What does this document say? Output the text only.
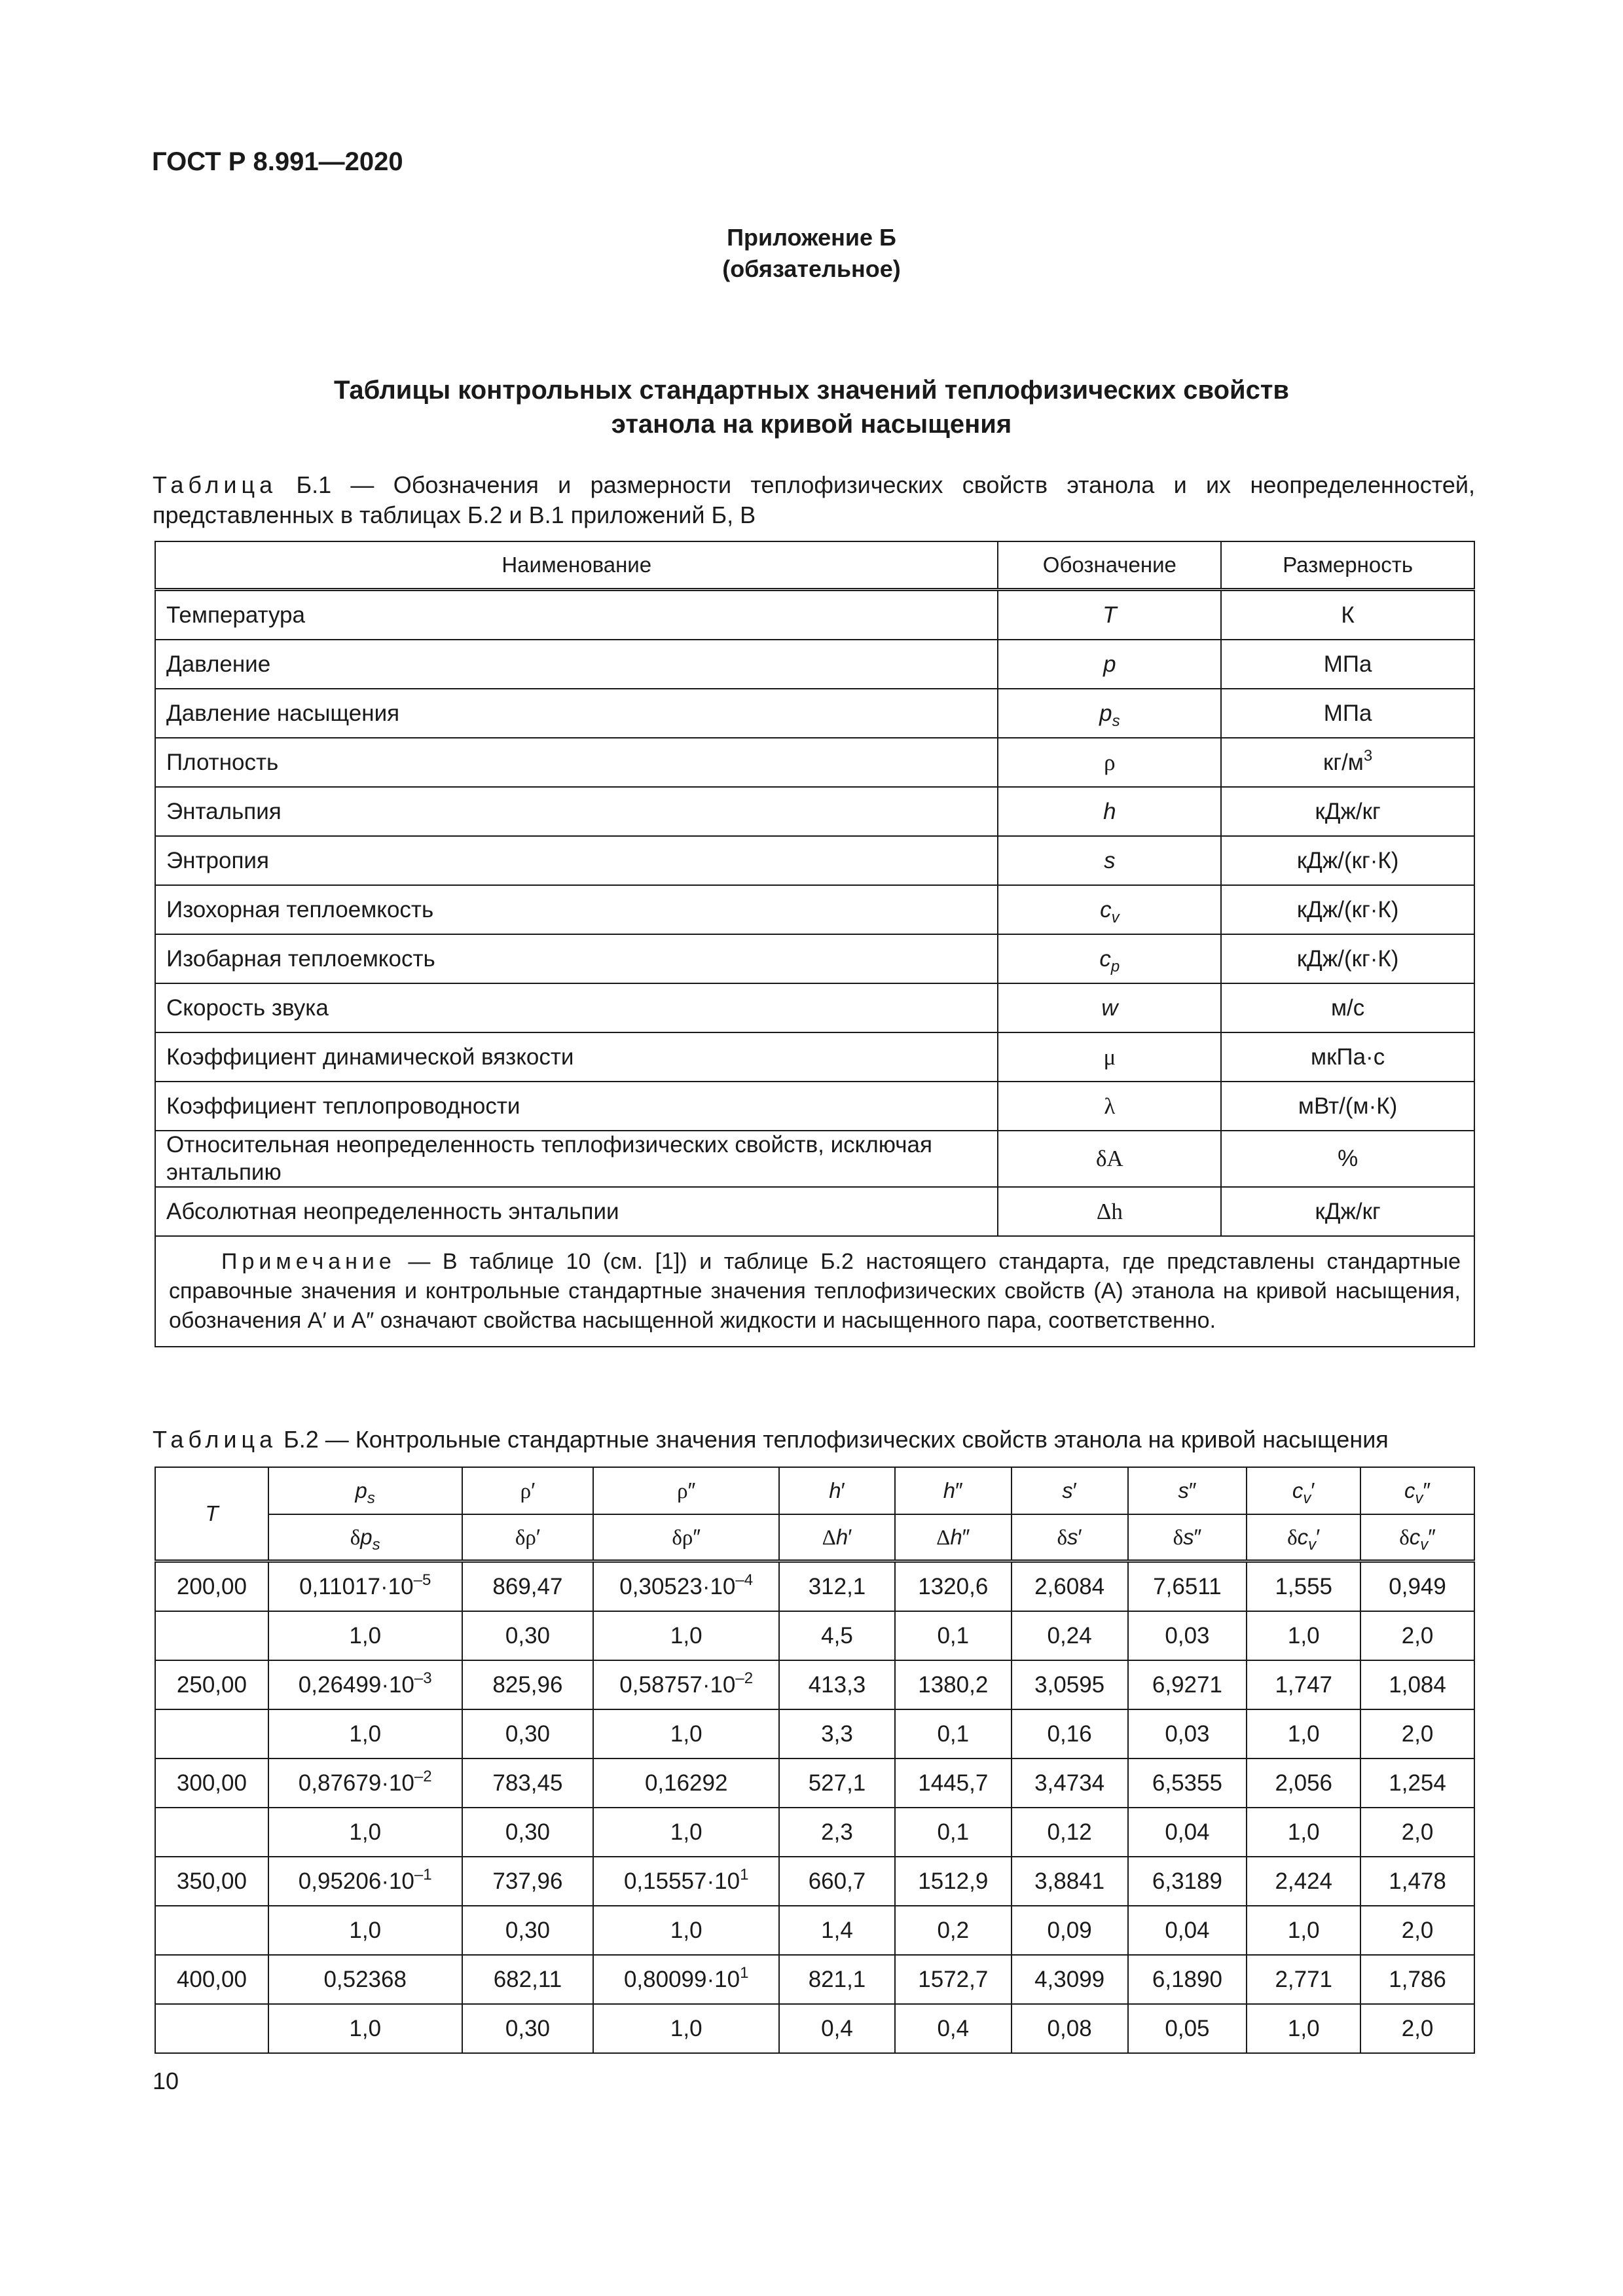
ГОСТ Р 8.991—2020
Приложение Б
(обязательное)
Таблицы контрольных стандартных значений теплофизических свойств
этанола на кривой насыщения
Таблица Б.1 — Обозначения и размерности теплофизических свойств этанола и их неопределенностей, представленных в таблицах Б.2 и В.1 приложений Б, В
Наименование	Обозначение	Размерность
Температура	T	К
Давление	p	МПа
Давление насыщения	$p_s$	МПа
Плотность	ρ	$кг/м^3$
Энтальпия	h	кДж/кг
Энтропия	s	кДж/(кг·К)
Изохорная теплоемкость	$c_v$	кДж/(кг·К)
Изобарная теплоемкость	$c_p$	кДж/(кг·К)
Скорость звука	w	м/с
Коэффициент динамической вязкости	μ	мкПа·с
Коэффициент теплопроводности	λ	мВт/(м·К)
Относительная неопределенность теплофизических свойств, исключая энтальпию	δA	%
Абсолютная неопределенность энтальпии	Δh	кДж/кг
Примечание — В таблице 10 (см. [1]) и таблице Б.2 настоящего стандарта, где представлены стандартные справочные значения и контрольные стандартные значения теплофизических свойств (A) этанола на кривой насыщения, обозначения A′ и A″ означают свойства насыщенной жидкости и насыщенного пара, соответственно.		
Таблица Б.2 — Контрольные стандартные значения теплофизических свойств этанола на кривой насыщения
T	$p_s$	ρ′	ρ″	h′	h″	s′	s″	$c_v'$	$c_v''$
	$\delta p_s$	δρ′	δρ″	Δh′	Δh″	δs′	δs″	$\delta c_v'$	$\delta c_v''$
200,00	$0,11017\cdot 10^{-5}$	869,47	$0,30523\cdot 10^{-4}$	312,1	1320,6	2,6084	7,6511	1,555	0,949
	1,0	0,30	1,0	4,5	0,1	0,24	0,03	1,0	2,0
250,00	$0,26499\cdot 10^{-3}$	825,96	$0,58757\cdot 10^{-2}$	413,3	1380,2	3,0595	6,9271	1,747	1,084
	1,0	0,30	1,0	3,3	0,1	0,16	0,03	1,0	2,0
300,00	$0,87679\cdot 10^{-2}$	783,45	0,16292	527,1	1445,7	3,4734	6,5355	2,056	1,254
	1,0	0,30	1,0	2,3	0,1	0,12	0,04	1,0	2,0
350,00	$0,95206\cdot 10^{-1}$	737,96	$0,15557\cdot 10^1$	660,7	1512,9	3,8841	6,3189	2,424	1,478
	1,0	0,30	1,0	1,4	0,2	0,09	0,04	1,0	2,0
400,00	0,52368	682,11	$0,80099\cdot 10^1$	821,1	1572,7	4,3099	6,1890	2,771	1,786
	1,0	0,30	1,0	0,4	0,4	0,08	0,05	1,0	2,0
10
